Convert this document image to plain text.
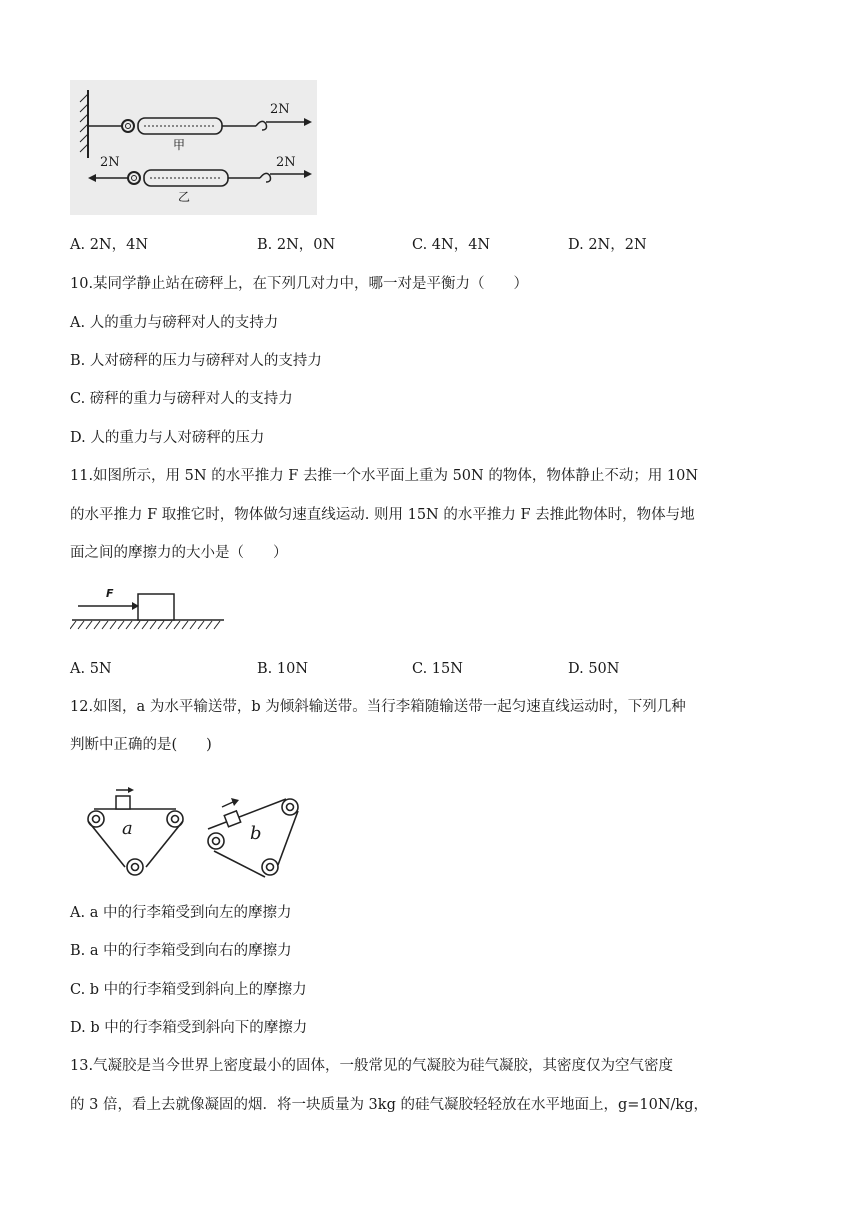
2N
甲
2N	2N
乙
A. 2N，4N	B. 2N，0N	C. 4N，4N	D. 2N，2N
10.某同学静止站在磅秤上，在下列几对力中，哪一对是平衡力（　　）
A. 人的重力与磅秤对人的支持力
B. 人对磅秤的压力与磅秤对人的支持力
C. 磅秤的重力与磅秤对人的支持力
D. 人的重力与人对磅秤的压力
11.如图所示，用 5N 的水平推力 F 去推一个水平面上重为 50N 的物体，物体静止不动；用 10N
的水平推力 F 取推它时，物体做匀速直线运动. 则用 15N 的水平推力 F 去推此物体时，物体与地
面之间的摩擦力的大小是（　　）
F
A. 5N	B. 10N	C. 15N	D. 50N
12.如图，a 为水平输送带，b 为倾斜输送带。当行李箱随输送带一起匀速直线运动时，下列几种
判断中正确的是(　　)
a	b
A. a 中的行李箱受到向左的摩擦力
B. a 中的行李箱受到向右的摩擦力
C. b 中的行李箱受到斜向上的摩擦力
D. b 中的行李箱受到斜向下的摩擦力
13.气凝胶是当今世界上密度最小的固体，一般常见的气凝胶为硅气凝胶，其密度仅为空气密度
的 3 倍，看上去就像凝固的烟．将一块质量为 3kg 的硅气凝胶轻轻放在水平地面上，g=10N/kg，
